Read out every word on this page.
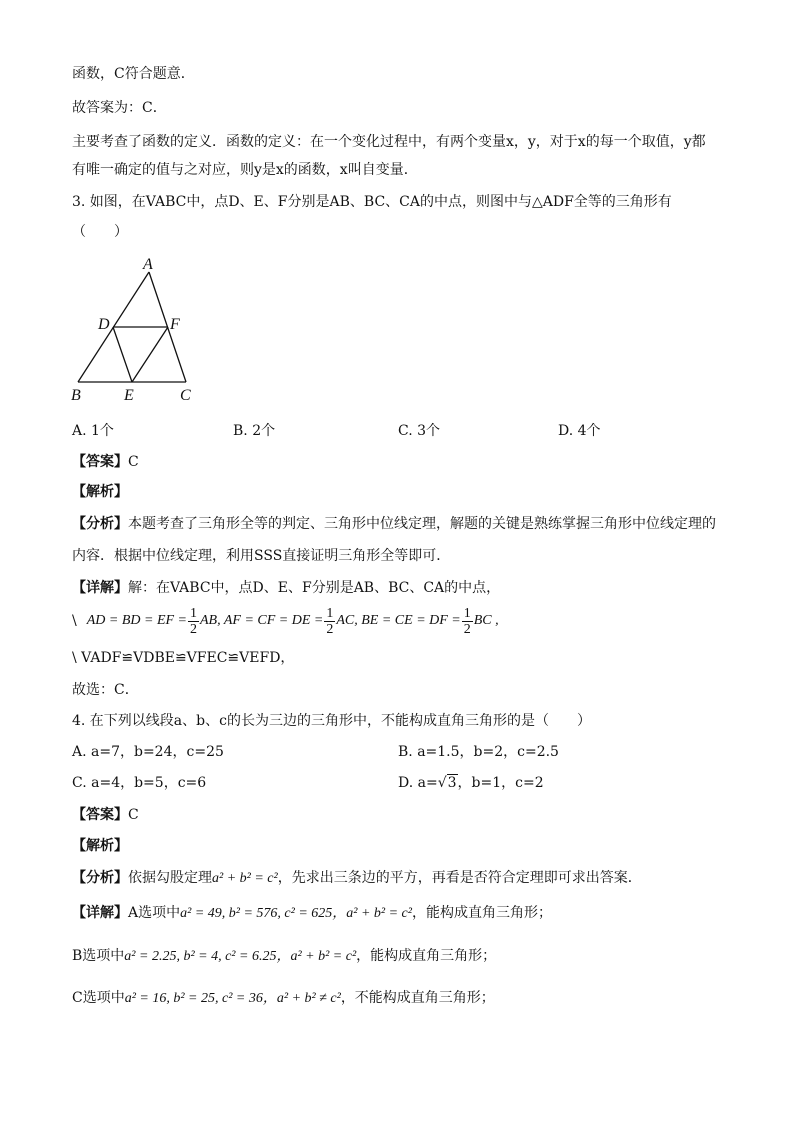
函数，C符合题意．
故答案为：C．
主要考查了函数的定义．函数的定义：在一个变化过程中，有两个变量x，y，对于x的每一个取值，y都
有唯一确定的值与之对应，则y是x的函数，x叫自变量．
3. 如图，在VABC中，点D、E、F分别是AB、BC、CA的中点，则图中与△ADF全等的三角形有
（　　）
A
D	F
B	E	C
A. 1个	B. 2个	C. 3个	D. 4个
【答案】C
【解析】
【分析】本题考查了三角形全等的判定、三角形中位线定理，解题的关键是熟练掌握三角形中位线定理的
内容．根据中位线定理，利用SSS直接证明三角形全等即可．
【详解】解：在VABC中，点D、E、F分别是AB、BC、CA的中点，
\ AD = BD = EF = $\frac{1}{2}$ AB, AF = CF = DE = $\frac{1}{2}$ AC, BE = CE = DF = $\frac{1}{2}$ BC ,
\ VADF≌VDBE≌VFEC≌VEFD，
故选：C．
4. 在下列以线段a、b、c的长为三边的三角形中，不能构成直角三角形的是（　　）
A. a=7，b=24，c=25	B. a=1.5，b=2，c=2.5
C. a=4，b=5，c=6	D. a=√3，b=1，c=2
【答案】C
【解析】
【分析】依据勾股定理a² + b² = c²，先求出三条边的平方，再看是否符合定理即可求出答案．
【详解】A选项中a² = 49, b² = 576, c² = 625，a² + b² = c²，能构成直角三角形；
B选项中a² = 2.25, b² = 4, c² = 6.25，a² + b² = c²，能构成直角三角形；
C选项中a² = 16, b² = 25, c² = 36，a² + b² ≠ c²，不能构成直角三角形；
